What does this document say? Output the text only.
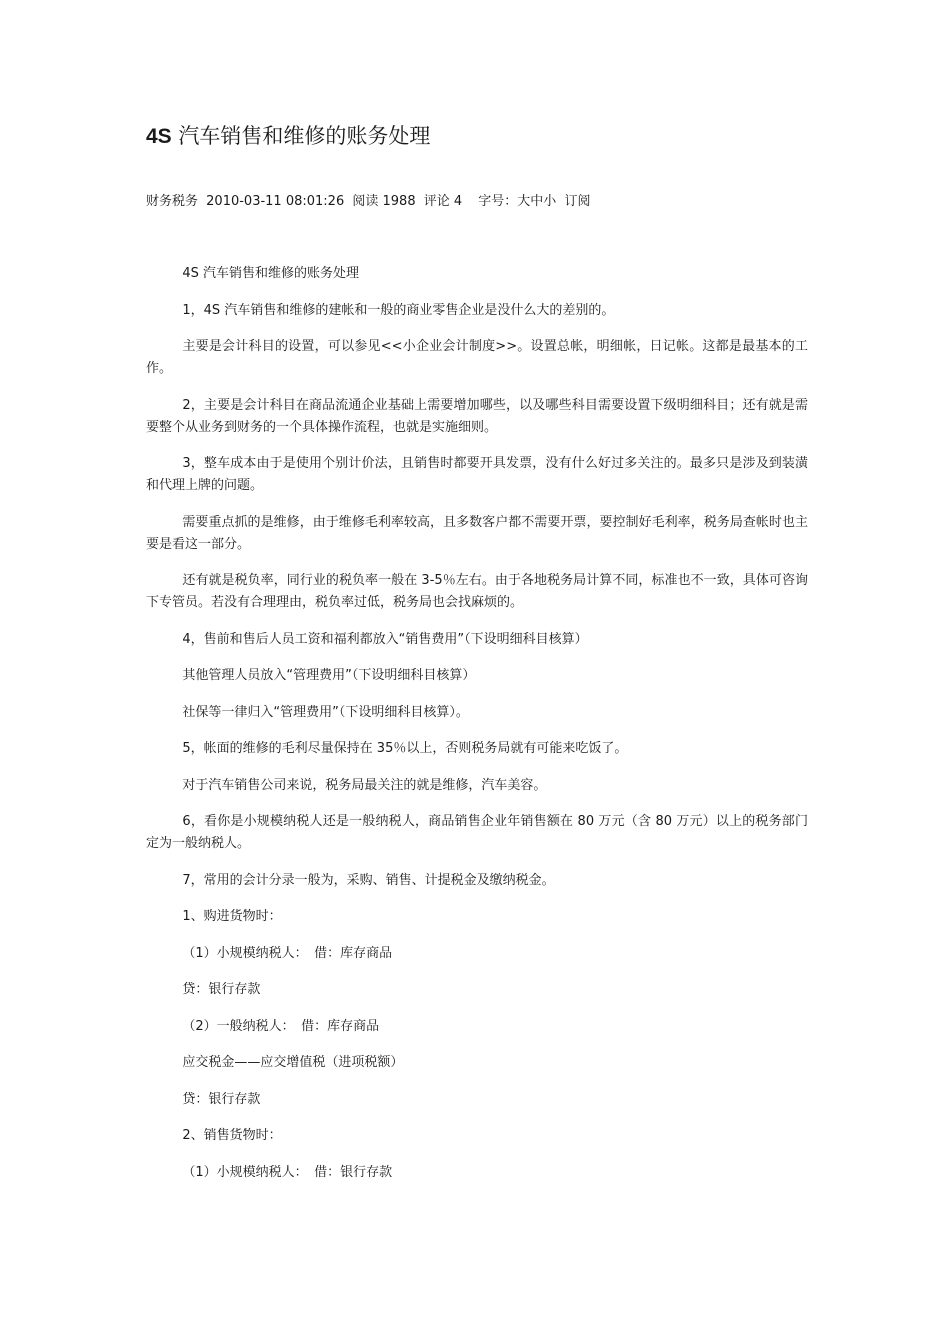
4S 汽车销售和维修的账务处理
财务税务 2010-03-11 08:01:26 阅读 1988 评论 4 字号：大中小 订阅

4S 汽车销售和维修的账务处理

1，4S 汽车销售和维修的建帐和一般的商业零售企业是没什么大的差别的。

主要是会计科目的设置，可以参见<<小企业会计制度>>。设置总帐，明细帐，日记帐。这都是最基本的工作。

2，主要是会计科目在商品流通企业基础上需要增加哪些，以及哪些科目需要设置下级明细科目；还有就是需要整个从业务到财务的一个具体操作流程，也就是实施细则。

3，整车成本由于是使用个别计价法，且销售时都要开具发票，没有什么好过多关注的。最多只是涉及到装潢和代理上牌的问题。

需要重点抓的是维修，由于维修毛利率较高，且多数客户都不需要开票，要控制好毛利率，税务局查帐时也主要是看这一部分。

还有就是税负率，同行业的税负率一般在 3-5％左右。由于各地税务局计算不同，标准也不一致，具体可咨询下专管员。若没有合理理由，税负率过低，税务局也会找麻烦的。

4，售前和售后人员工资和福利都放入“销售费用”（下设明细科目核算）

其他管理人员放入“管理费用”（下设明细科目核算）

社保等一律归入“管理费用”（下设明细科目核算）。

5，帐面的维修的毛利尽量保持在 35％以上，否则税务局就有可能来吃饭了。

对于汽车销售公司来说，税务局最关注的就是维修，汽车美容。

6，看你是小规模纳税人还是一般纳税人，商品销售企业年销售额在 80 万元（含 80 万元）以上的税务部门定为一般纳税人。

7，常用的会计分录一般为，采购、销售、计提税金及缴纳税金。

1、购进货物时：

（1）小规模纳税人：　借：库存商品

贷：银行存款

（2）一般纳税人：　借：库存商品

应交税金——应交增值税（进项税额）

贷：银行存款

2、销售货物时：

（1）小规模纳税人：　借：银行存款
